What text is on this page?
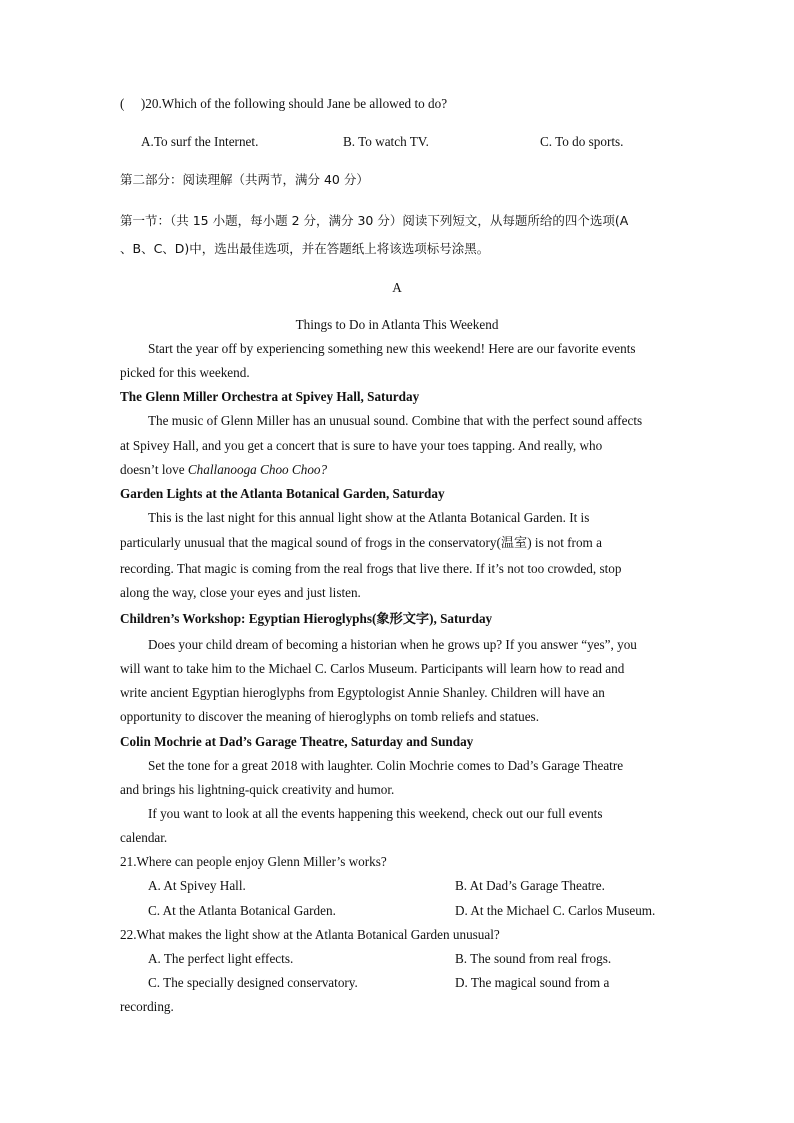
(　 )20.Which of the following should Jane be allowed to do?
A.To surf the Internet.	B. To watch TV.	C. To do sports.
第二部分：阅读理解（共两节，满分 40 分）
第一节：（共 15 小题，每小题 2 分，满分 30 分）阅读下列短文，从每题所给的四个选项(A
、B、C、D)中，选出最佳选项，并在答题纸上将该选项标号涂黑。
A
Things to Do in Atlanta This Weekend
Start the year off by experiencing something new this weekend! Here are our favorite events
picked for this weekend.
The Glenn Miller Orchestra at Spivey Hall, Saturday
The music of Glenn Miller has an unusual sound. Combine that with the perfect sound affects
at Spivey Hall, and you get a concert that is sure to have your toes tapping. And really, who
doesn’t love Challanooga Choo Choo?
Garden Lights at the Atlanta Botanical Garden, Saturday
This is the last night for this annual light show at the Atlanta Botanical Garden. It is
particularly unusual that the magical sound of frogs in the conservatory(温室) is not from a
recording. That magic is coming from the real frogs that live there. If it’s not too crowded, stop
along the way, close your eyes and just listen.
Children’s Workshop: Egyptian Hieroglyphs(象形文字), Saturday
Does your child dream of becoming a historian when he grows up? If you answer “yes”, you
will want to take him to the Michael C. Carlos Museum. Participants will learn how to read and
write ancient Egyptian hieroglyphs from Egyptologist Annie Shanley. Children will have an
opportunity to discover the meaning of hieroglyphs on tomb reliefs and statues.
Colin Mochrie at Dad’s Garage Theatre, Saturday and Sunday
Set the tone for a great 2018 with laughter. Colin Mochrie comes to Dad’s Garage Theatre
and brings his lightning-quick creativity and humor.
If you want to look at all the events happening this weekend, check out our full events
calendar.
21.Where can people enjoy Glenn Miller’s works?
A. At Spivey Hall.	B. At Dad’s Garage Theatre.
C. At the Atlanta Botanical Garden.	D. At the Michael C. Carlos Museum.
22.What makes the light show at the Atlanta Botanical Garden unusual?
A. The perfect light effects.	B. The sound from real frogs.
C. The specially designed conservatory.	D. The magical sound from a
recording.
